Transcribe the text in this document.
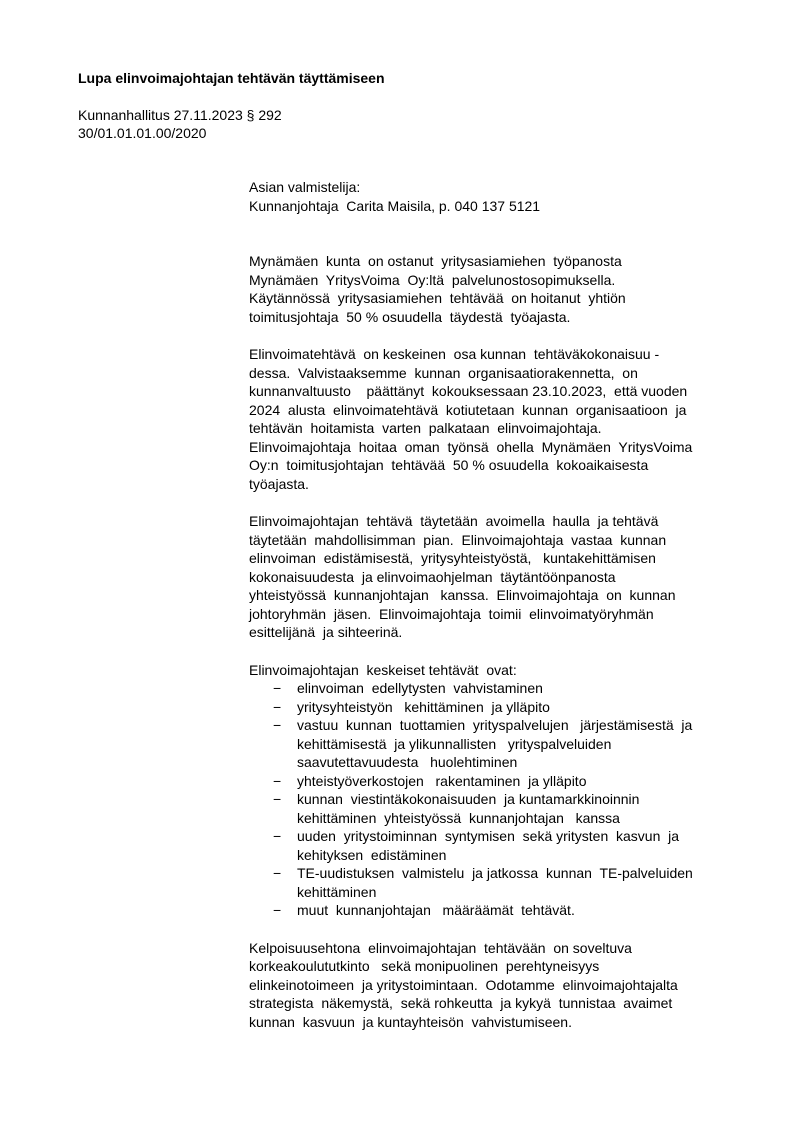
Lupa elinvoimajohtajan tehtävän täyttämiseen
Kunnanhallitus 27.11.2023 § 292
30/01.01.01.00/2020

Asian valmistelija:

Kunnanjohtaja  Carita Maisila, p. 040 137 5121

Mynämäen  kunta  on ostanut  yritysasiamiehen  työpanosta

Mynämäen  YritysVoima  Oy:ltä  palvelunostosopimuksella.

Käytännössä  yritysasiamiehen  tehtävää  on hoitanut  yhtiön

toimitusjohtaja  50 % osuudella  täydestä  työajasta.

Elinvoimatehtävä  on keskeinen  osa kunnan  tehtäväkokonaisuu -

dessa.  Valvistaaksemme  kunnan  organisaatiorakennetta,  on

kunnanvaltuusto    päättänyt  kokouksessaan 23.10.2023,  että vuoden

2024  alusta  elinvoimatehtävä  kotiutetaan  kunnan  organisaatioon  ja

tehtävän  hoitamista  varten  palkataan  elinvoimajohtaja.

Elinvoimajohtaja  hoitaa  oman  työnsä  ohella  Mynämäen  YritysVoima

Oy:n  toimitusjohtajan  tehtävää  50 % osuudella  kokoaikaisesta

työajasta.

Elinvoimajohtajan  tehtävä  täytetään  avoimella  haulla  ja tehtävä

täytetään  mahdollisimman  pian.  Elinvoimajohtaja  vastaa  kunnan

elinvoiman  edistämisestä,  yritysyhteistyöstä,   kuntakehittämisen

kokonaisuudesta  ja elinvoimaohjelman  täytäntöönpanosta

yhteistyössä  kunnanjohtajan   kanssa.  Elinvoimajohtaja  on  kunnan

johtoryhmän  jäsen.  Elinvoimajohtaja  toimii  elinvoimatyöryhmän

esittelijänä  ja sihteerinä.

Elinvoimajohtajan  keskeiset tehtävät  ovat:

− elinvoiman  edellytysten  vahvistaminen
− yritysyhteistyön   kehittäminen  ja ylläpito
− vastuu  kunnan  tuottamien  yrityspalvelujen   järjestämisestä  ja
kehittämisestä  ja ylikunnallisten   yrityspalveluiden
saavutettavuudesta   huolehtiminen
− yhteistyöverkostojen   rakentaminen  ja ylläpito
− kunnan  viestintäkokonaisuuden  ja kuntamarkkinoinnin
kehittäminen  yhteistyössä  kunnanjohtajan   kanssa
− uuden  yritystoiminnan  syntymisen  sekä yritysten  kasvun  ja
kehityksen  edistäminen
− TE-uudistuksen  valmistelu  ja jatkossa  kunnan  TE-palveluiden
kehittäminen
− muut  kunnanjohtajan   määräämät  tehtävät.

Kelpoisuusehtona  elinvoimajohtajan  tehtävään  on soveltuva

korkeakoulututkinto   sekä monipuolinen  perehtyneisyys

elinkeinotoimeen  ja yritystoimintaan.  Odotamme  elinvoimajohtajalta

strategista  näkemystä,  sekä rohkeutta  ja kykyä  tunnistaa  avaimet

kunnan  kasvuun  ja kuntayhteisön  vahvistumiseen.
